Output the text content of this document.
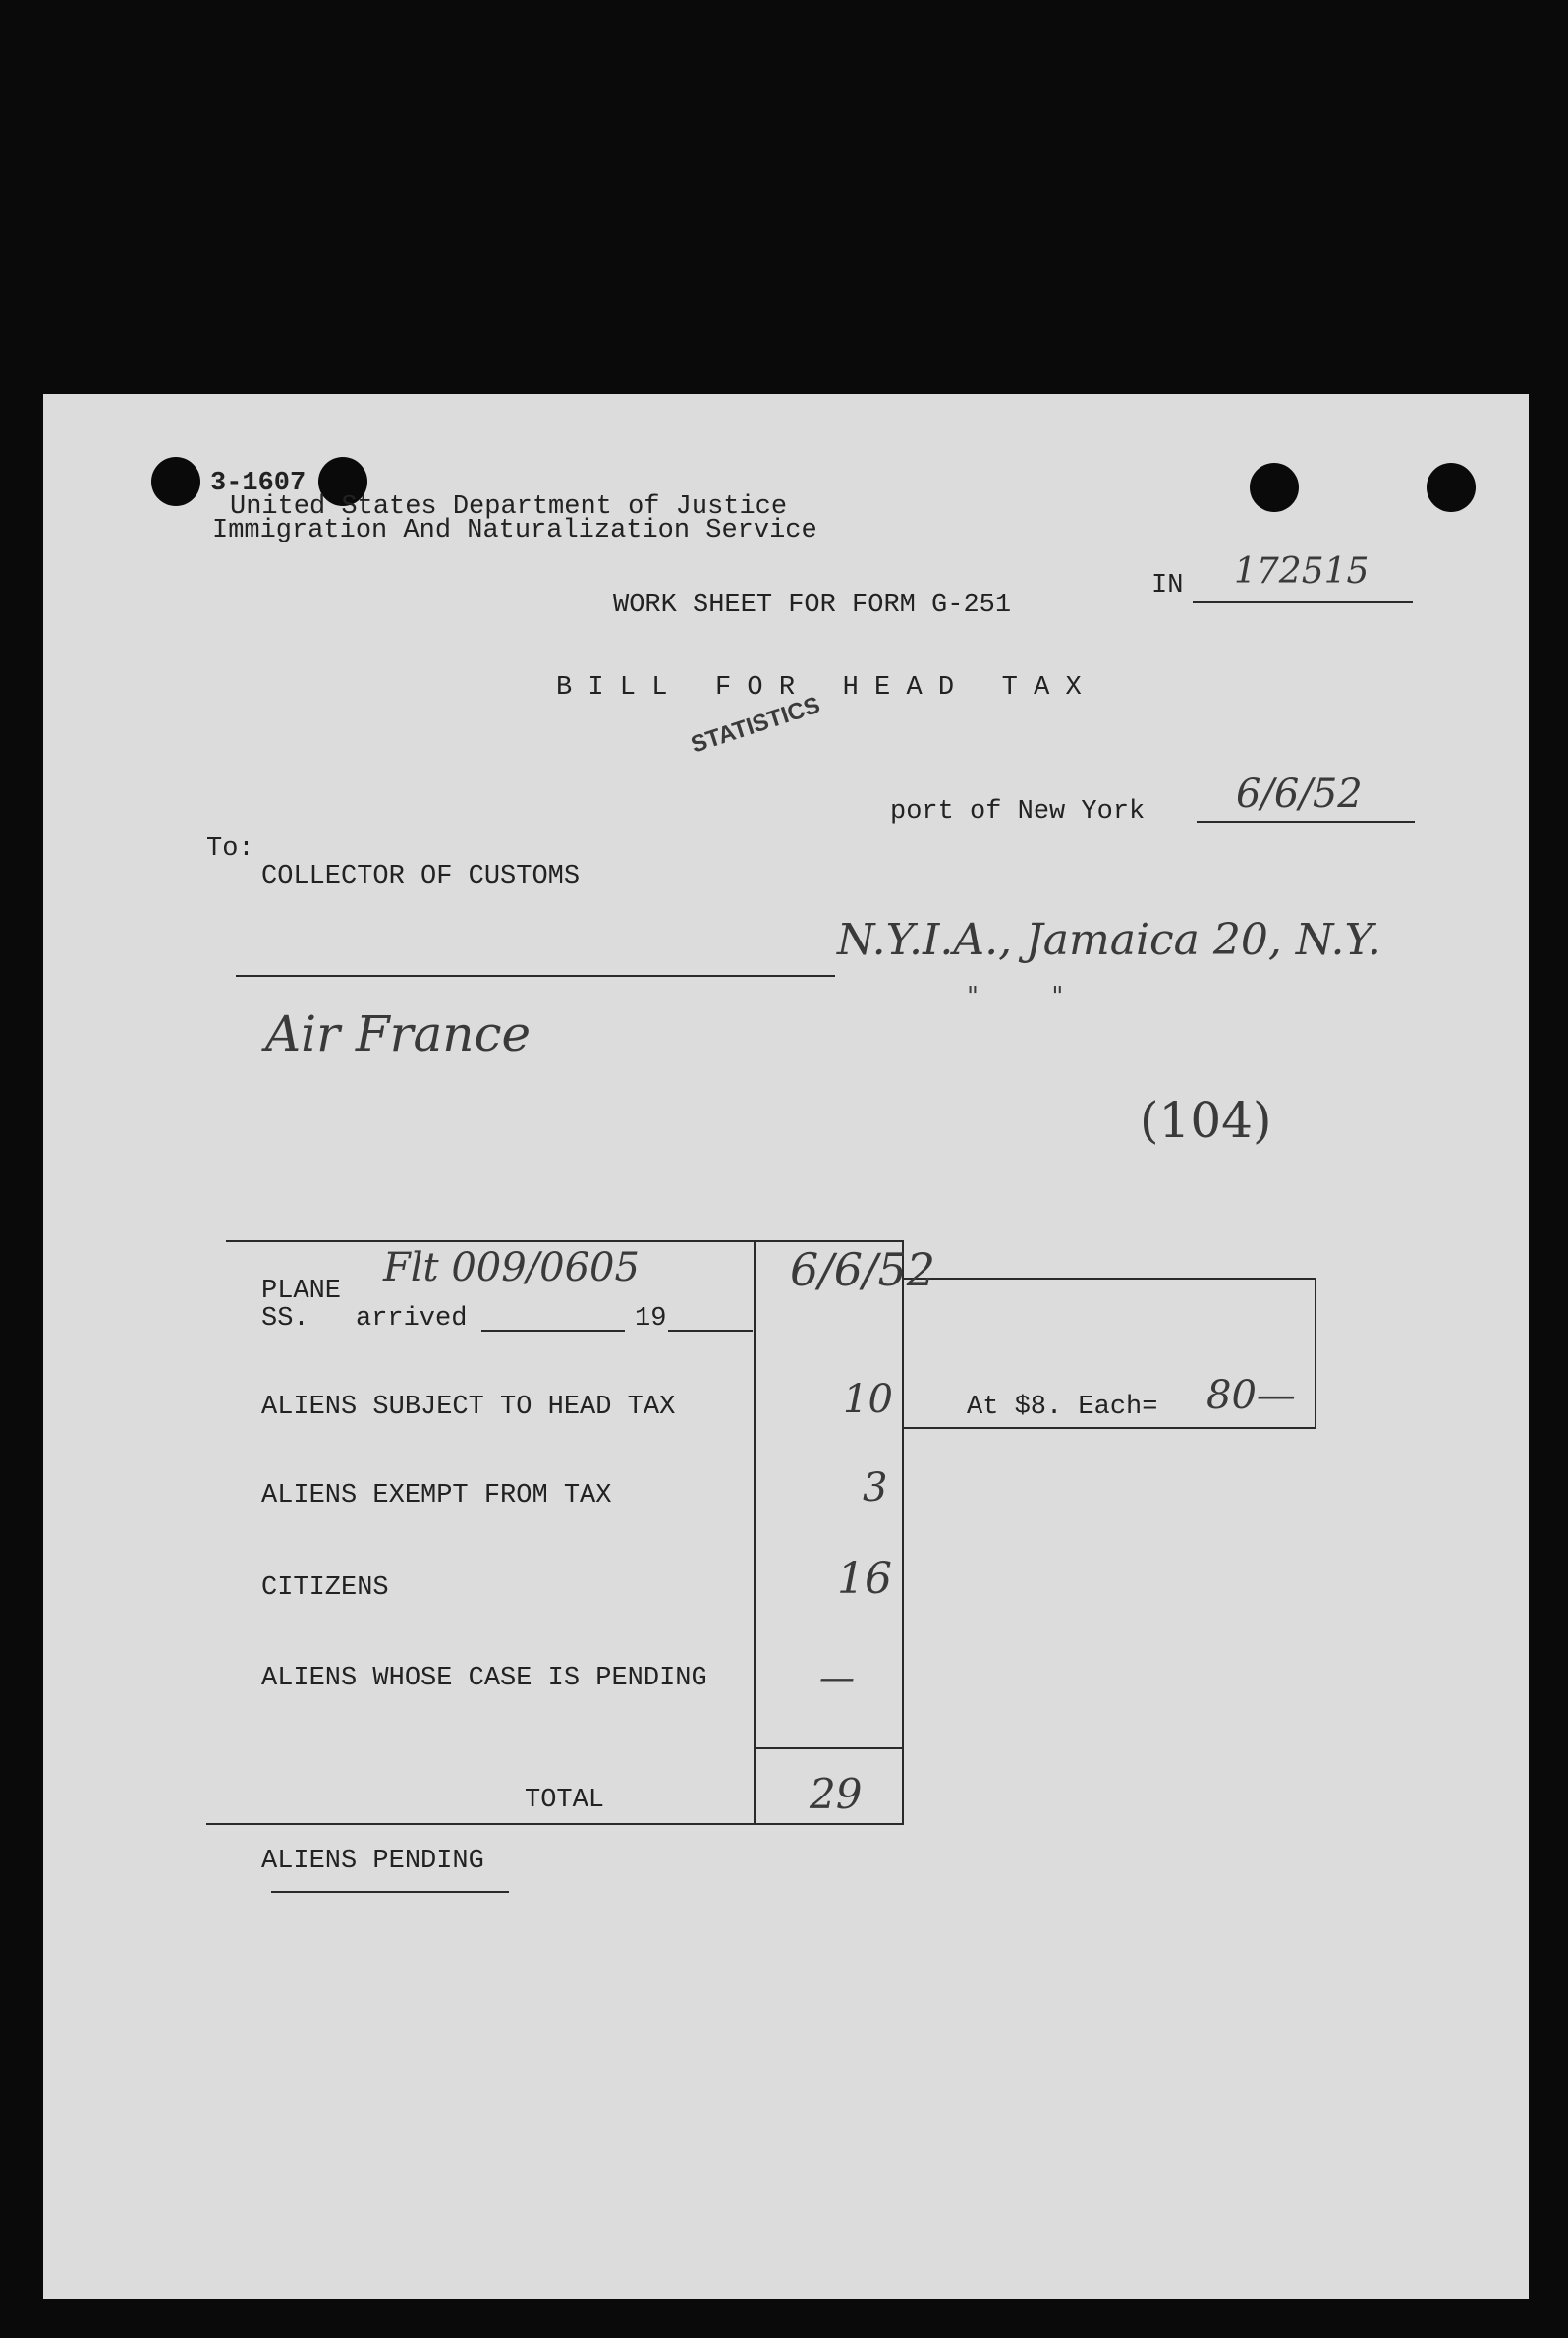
3-1607
United States Department of Justice
Immigration And Naturalization Service
IN 172515
WORK SHEET FOR FORM G-251
B I L L   F O R   H E A D   T A X
STATISTICS
port of New York 6/6/52
To:
COLLECTOR OF CUSTOMS
N.Y.I.A., Jamaica 20, N.Y.
"         "
Air France
(104)
PLANE
Flt 009/0605
SS. arrived	19
6/6/52
ALIENS SUBJECT TO HEAD TAX	10	At $8. Each= 80—
ALIENS EXEMPT FROM TAX	3
CITIZENS	16
ALIENS WHOSE CASE IS PENDING	—
TOTAL	29
ALIENS PENDING
